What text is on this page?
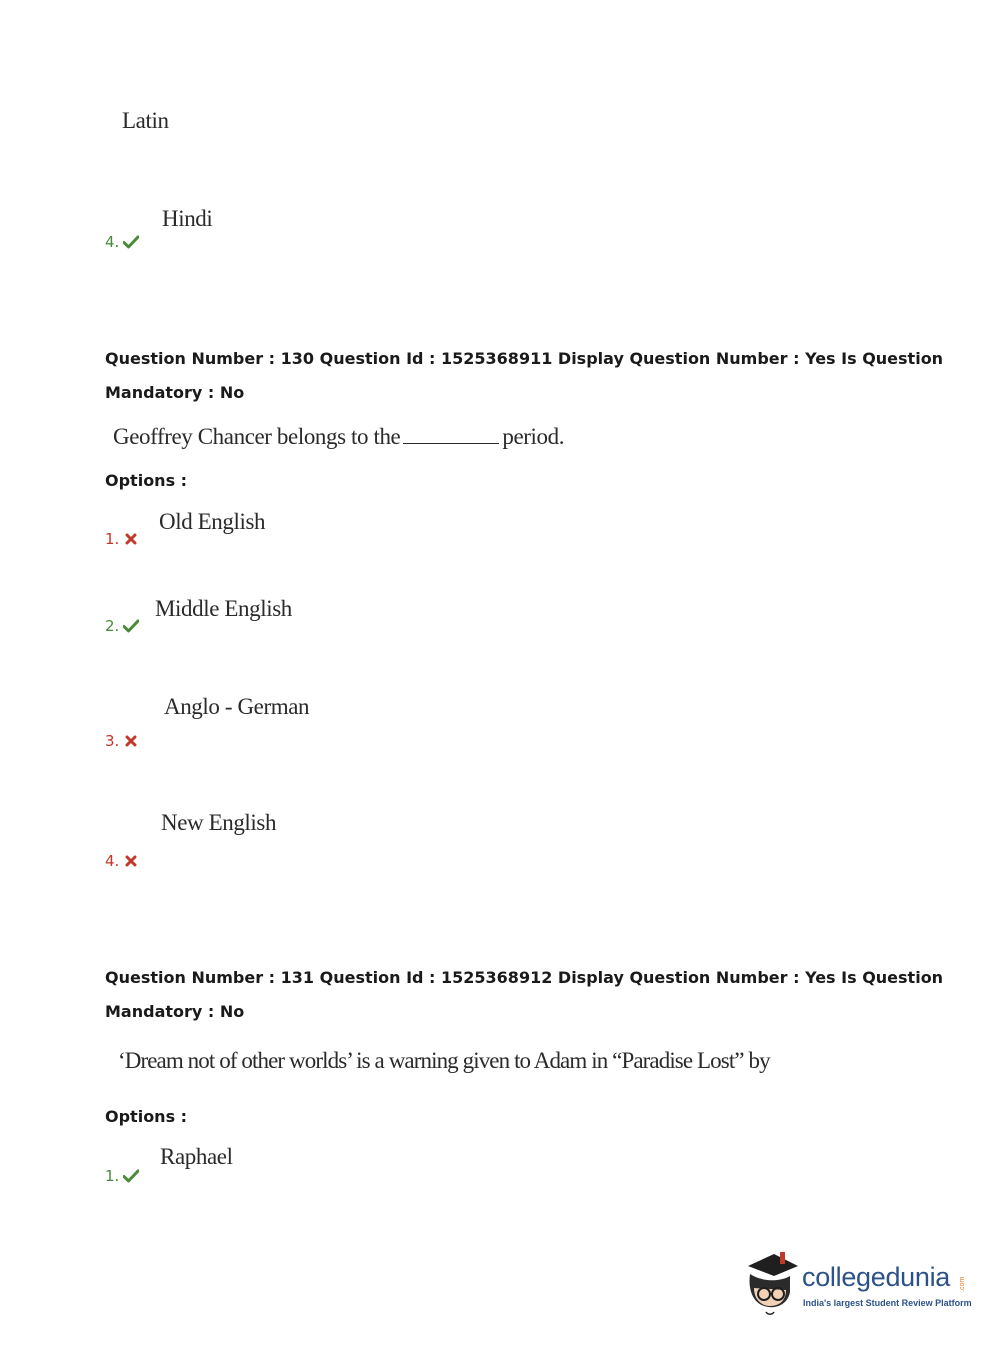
Latin
Hindi
4.
Question Number : 130 Question Id : 1525368911 Display Question Number : Yes Is Question
Mandatory : No
Geoffrey Chancer belongs to the	period.
Options :
Old English
1.
Middle English
2.
Anglo - German
3.
New English
4.
Question Number : 131 Question Id : 1525368912 Display Question Number : Yes Is Question
Mandatory : No
‘Dream not of other worlds’ is a warning given to Adam in “Paradise Lost” by
Options :
Raphael
1.
collegedunia .com
India's largest Student Review Platform
